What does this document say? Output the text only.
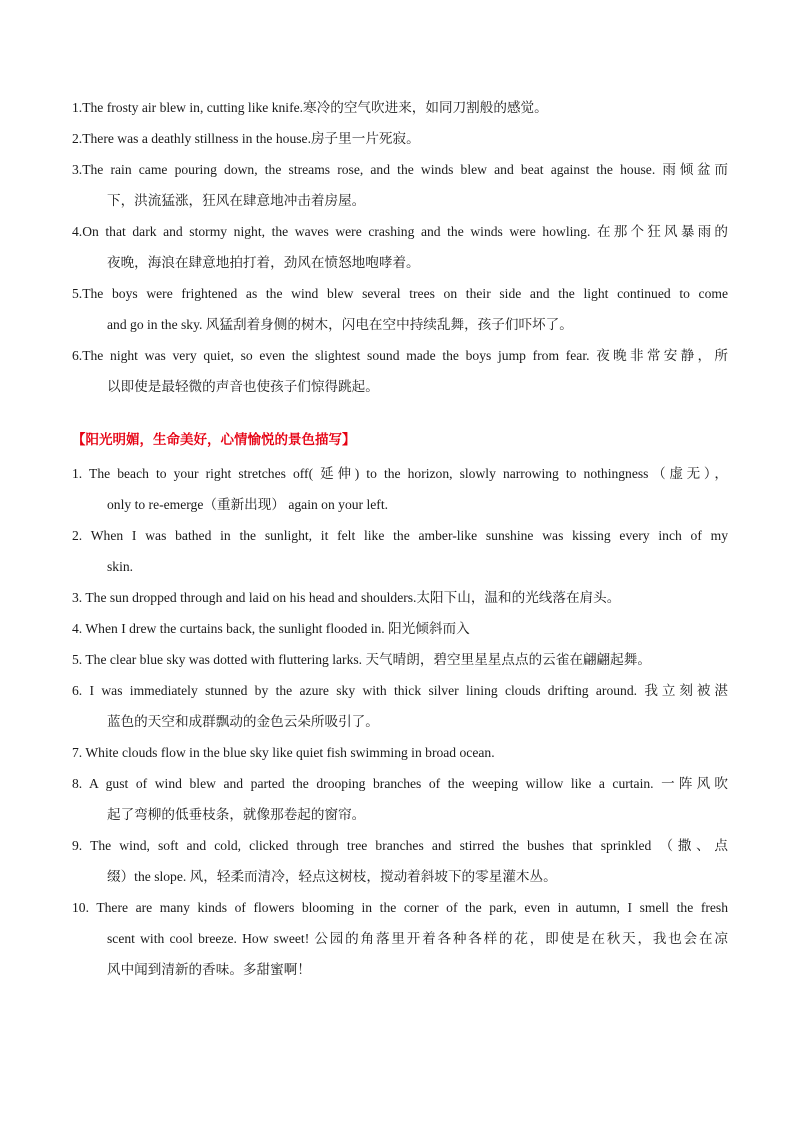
1.The frosty air blew in, cutting like knife.寒冷的空气吹进来，如同刀割般的感觉。
2.There was a deathly stillness in the house.房子里一片死寂。
3.The rain came pouring down, the streams rose, and the winds blew and beat against the house. 雨倾盆而
下，洪流猛涨，狂风在肆意地冲击着房屋。
4.On that dark and stormy night, the waves were crashing and the winds were howling. 在那个狂风暴雨的
夜晚，海浪在肆意地拍打着，劲风在愤怒地咆哮着。
5.The boys were frightened as the wind blew several trees on their side and the light continued to come
and go in the sky. 风猛刮着身侧的树木，闪电在空中持续乱舞，孩子们吓坏了。
6.The night was very quiet, so even the slightest sound made the boys jump from fear. 夜晚非常安静，所
以即使是最轻微的声音也使孩子们惊得跳起。
【阳光明媚，生命美好，心情愉悦的景色描写】
1. The beach to your right stretches off( 延伸) to the horizon, slowly narrowing to nothingness（虚无），
only to re-emerge（重新出现） again on your left.
2. When I was bathed in the sunlight, it felt like the amber-like sunshine was kissing every inch of my
skin.
3. The sun dropped through and laid on his head and shoulders.太阳下山，温和的光线落在肩头。
4. When I drew the curtains back, the sunlight flooded in. 阳光倾斜而入
5. The clear blue sky was dotted with fluttering larks. 天气晴朗，碧空里星星点点的云雀在翩翩起舞。
6. I was immediately stunned by the azure sky with thick silver lining clouds drifting around. 我立刻被湛
蓝色的天空和成群飘动的金色云朵所吸引了。
7. White clouds flow in the blue sky like quiet fish swimming in broad ocean.
8. A gust of wind blew and parted the drooping branches of the weeping willow like a curtain. 一阵风吹
起了弯柳的低垂枝条，就像那卷起的窗帘。
9. The wind, soft and cold, clicked through tree branches and stirred the bushes that sprinkled （撒、点
缀）the slope. 风，轻柔而清冷，轻点这树枝，搅动着斜坡下的零星灌木丛。
10. There are many kinds of flowers blooming in the corner of the park, even in autumn, I smell the fresh
scent with cool breeze. How sweet! 公园的角落里开着各种各样的花，即使是在秋天，我也会在凉
风中闻到清新的香味。多甜蜜啊！
